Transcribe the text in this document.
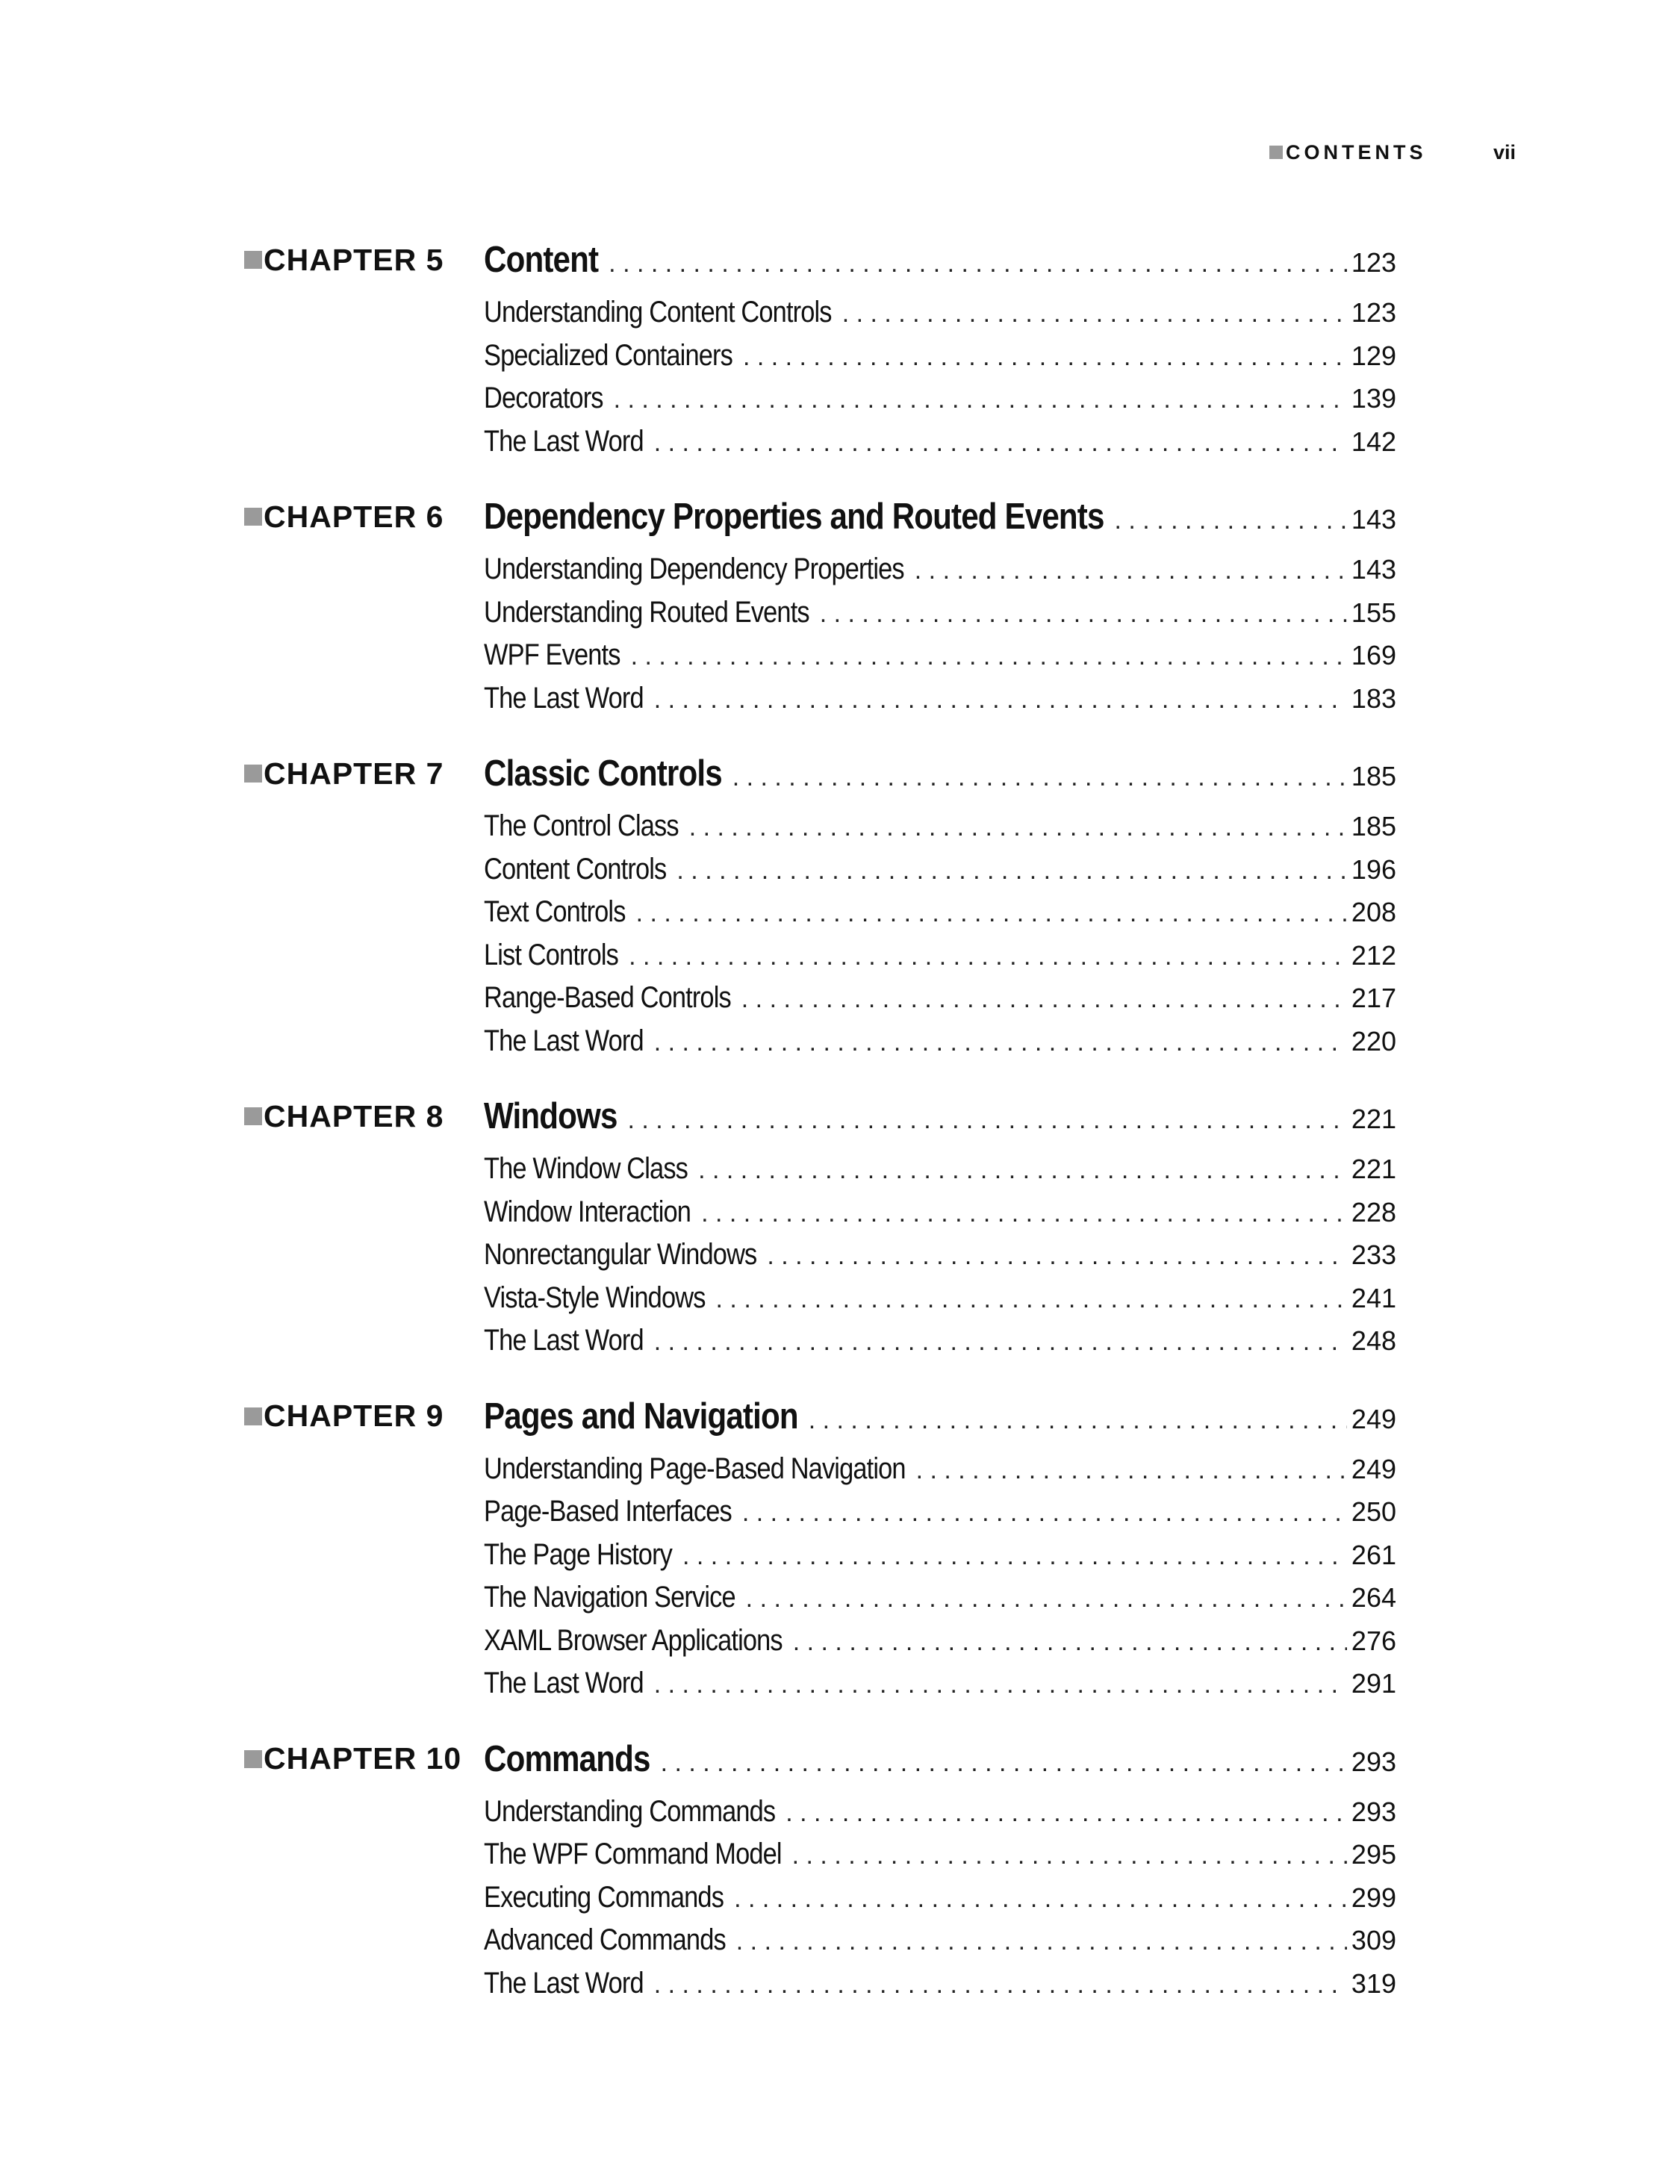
CONTENTS	vii
CHAPTER 5 Content . . .	123
Understanding Content Controls . . .	123
Specialized Containers . . .	129
Decorators . . .	139
The Last Word . . .	142
CHAPTER 6 Dependency Properties and Routed Events . . .	143
Understanding Dependency Properties . . .	143
Understanding Routed Events . . .	155
WPF Events . . .	169
The Last Word . . .	183
CHAPTER 7 Classic Controls . . .	185
The Control Class . . .	185
Content Controls . . .	196
Text Controls . . .	208
List Controls . . .	212
Range-Based Controls . . .	217
The Last Word . . .	220
CHAPTER 8 Windows . . .	221
The Window Class . . .	221
Window Interaction . . .	228
Nonrectangular Windows . . .	233
Vista-Style Windows . . .	241
The Last Word . . .	248
CHAPTER 9 Pages and Navigation . . .	249
Understanding Page-Based Navigation . . .	249
Page-Based Interfaces . . .	250
The Page History . . .	261
The Navigation Service . . .	264
XAML Browser Applications . . .	276
The Last Word . . .	291
CHAPTER 10 Commands . . .	293
Understanding Commands . . .	293
The WPF Command Model . . .	295
Executing Commands . . .	299
Advanced Commands . . .	309
The Last Word . . .	319
